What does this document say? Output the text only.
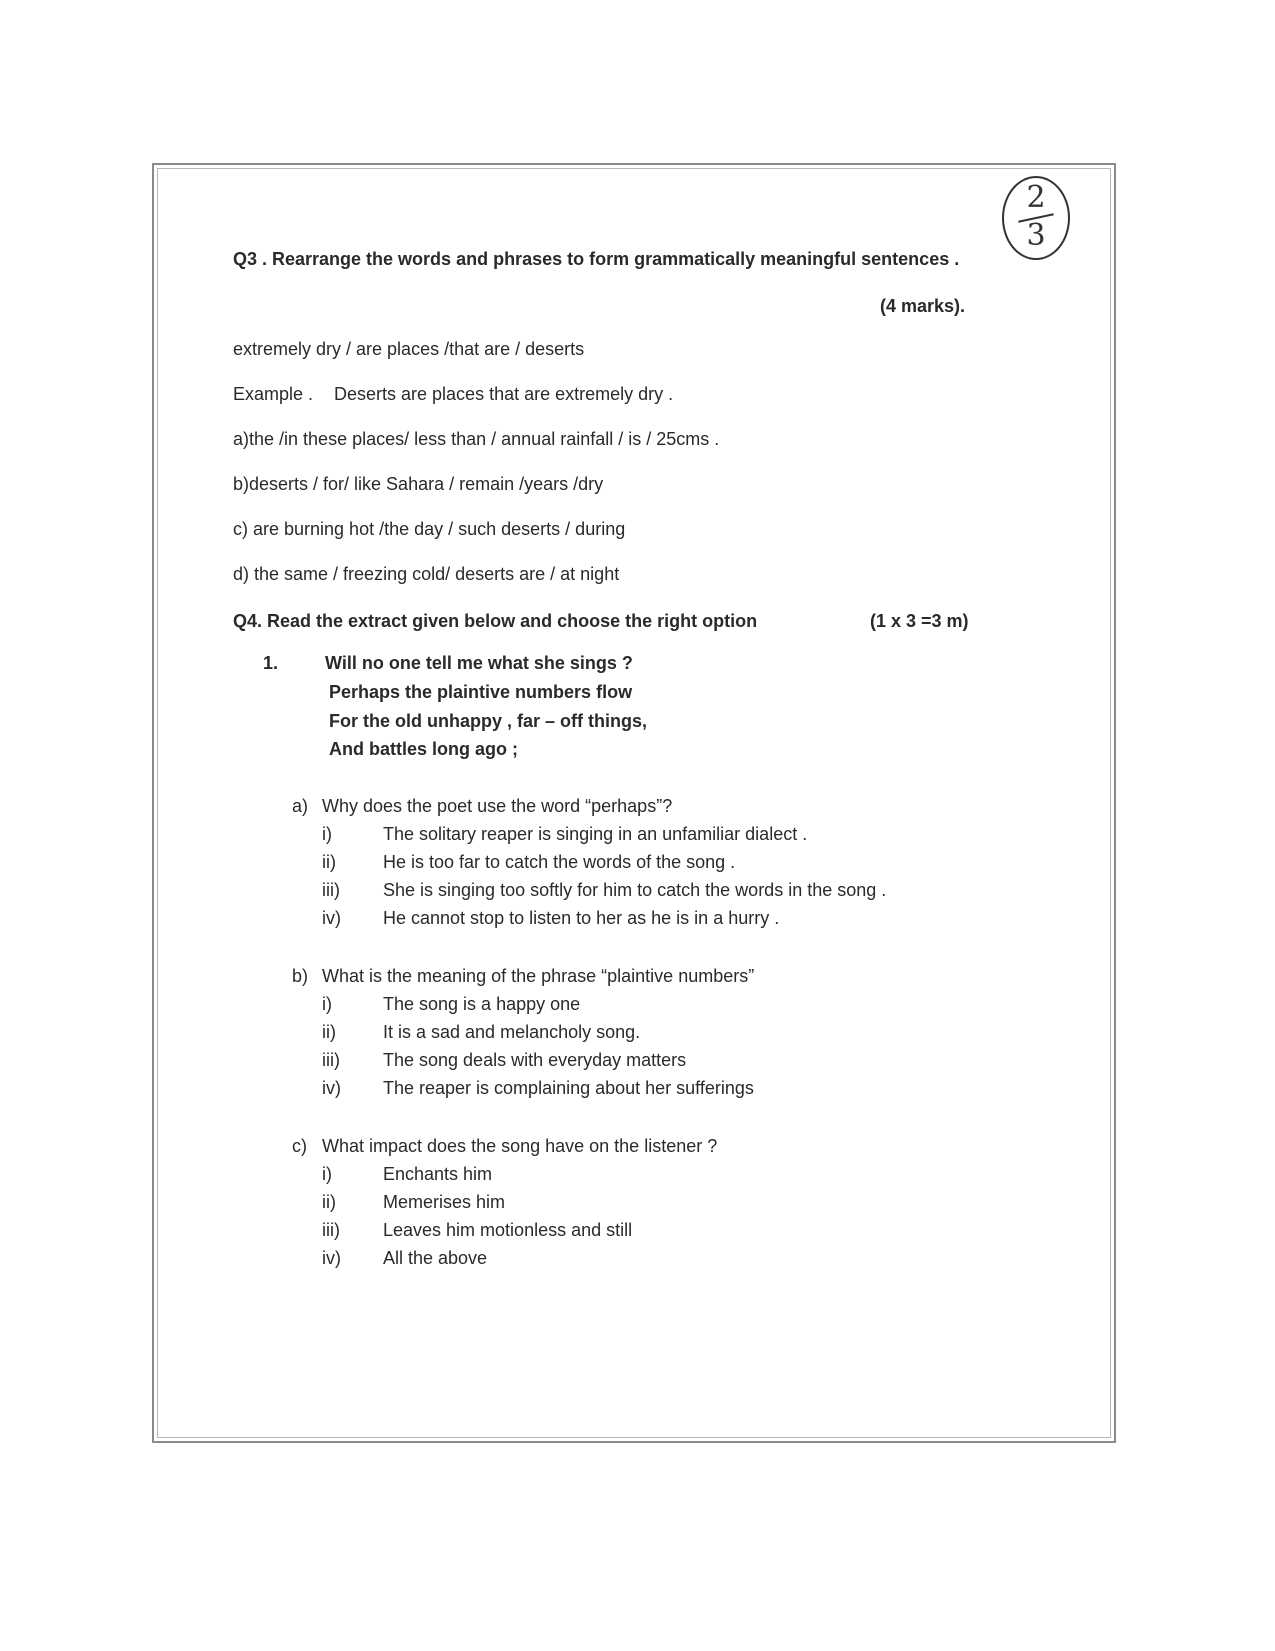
2
3
Q3 . Rearrange the words and phrases to form grammatically meaningful sentences .
(4 marks).
extremely dry / are places /that are / deserts
Example . Deserts are places that are extremely dry .
a)the /in these places/ less than / annual rainfall / is / 25cms .
b)deserts / for/ like Sahara / remain /years /dry
c) are burning hot /the day / such deserts / during
d) the same / freezing cold/ deserts are / at night
Q4. Read the extract given below and choose the right option	(1 x 3 =3 m)
1.	Will no one tell me what she sings ?
Perhaps the plaintive numbers flow
For the old unhappy , far – off things,
And battles long ago ;
a) Why does the poet use the word “perhaps”?
i)	The solitary reaper is singing in an unfamiliar dialect .
ii)	He is too far to catch the words of the song .
iii) She is singing too softly for him to catch the words in the song .
iv) He cannot stop to listen to her as he is in a hurry .
b) What is the meaning of the phrase “plaintive numbers”
i)	The song is a happy one
ii)	It is a sad and melancholy song.
iii) The song deals with everyday matters
iv) The reaper is complaining about her sufferings
c) What impact does the song have on the listener ?
i)	Enchants him
ii)	Memerises him
iii) Leaves him motionless and still
iv) All the above
